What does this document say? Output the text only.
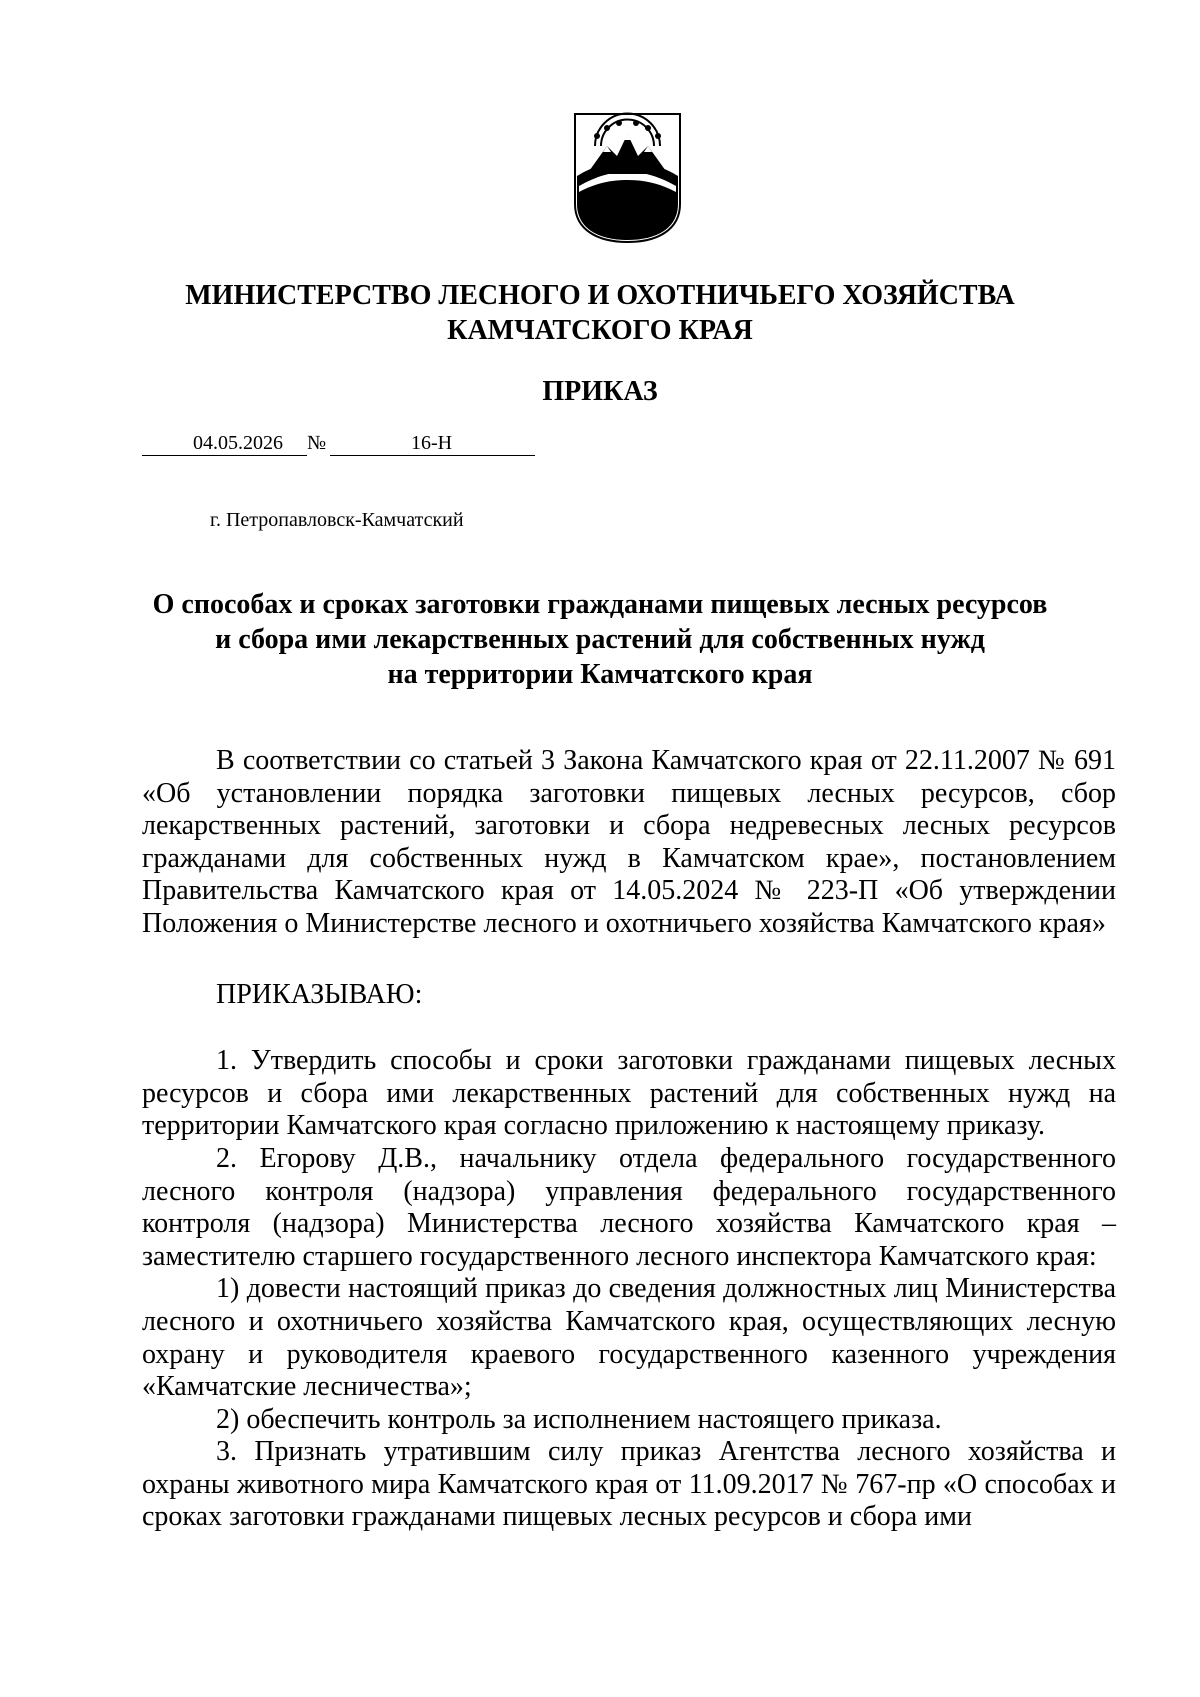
МИНИСТЕРСТВО ЛЕСНОГО И ОХОТНИЧЬЕГО ХОЗЯЙСТВА
КАМЧАТСКОГО КРАЯ
ПРИКАЗ
04.05.2026 №	16-Н
г. Петропавловск-Камчатский
О способах и сроках заготовки гражданами пищевых лесных ресурсов
и сбора ими лекарственных растений для собственных нужд
на территории Камчатского края

В соответствии со статьей 3 Закона Камчатского края от 22.11.2007 № 691 «Об установлении порядка заготовки пищевых лесных ресурсов, сбор лекарственных растений, заготовки и сбора недревесных лесных ресурсов гражданами для собственных нужд в Камчатском крае», постановлением Правительства Камчатского края от 14.05.2024 № 223-П «Об утверждении Положения о Министерстве лесного и охотничьего хозяйства Камчатского края»

ПРИКАЗЫВАЮ:

1. Утвердить способы и сроки заготовки гражданами пищевых лесных ресурсов и сбора ими лекарственных растений для собственных нужд на территории Камчатского края согласно приложению к настоящему приказу.

2. Егорову Д.В., начальнику отдела федерального государственного лесного контроля (надзора) управления федерального государственного контроля (надзора) Министерства лесного хозяйства Камчатского края – заместителю старшего государственного лесного инспектора Камчатского края:

1) довести настоящий приказ до сведения должностных лиц Министерства лесного и охотничьего хозяйства Камчатского края, осуществляющих лесную охрану и руководителя краевого государственного казенного учреждения «Камчатские лесничества»;

2) обеспечить контроль за исполнением настоящего приказа.

3. Признать утратившим силу приказ Агентства лесного хозяйства и охраны животного мира Камчатского края от 11.09.2017 № 767-пр «О способах и сроках заготовки гражданами пищевых лесных ресурсов и сбора ими
